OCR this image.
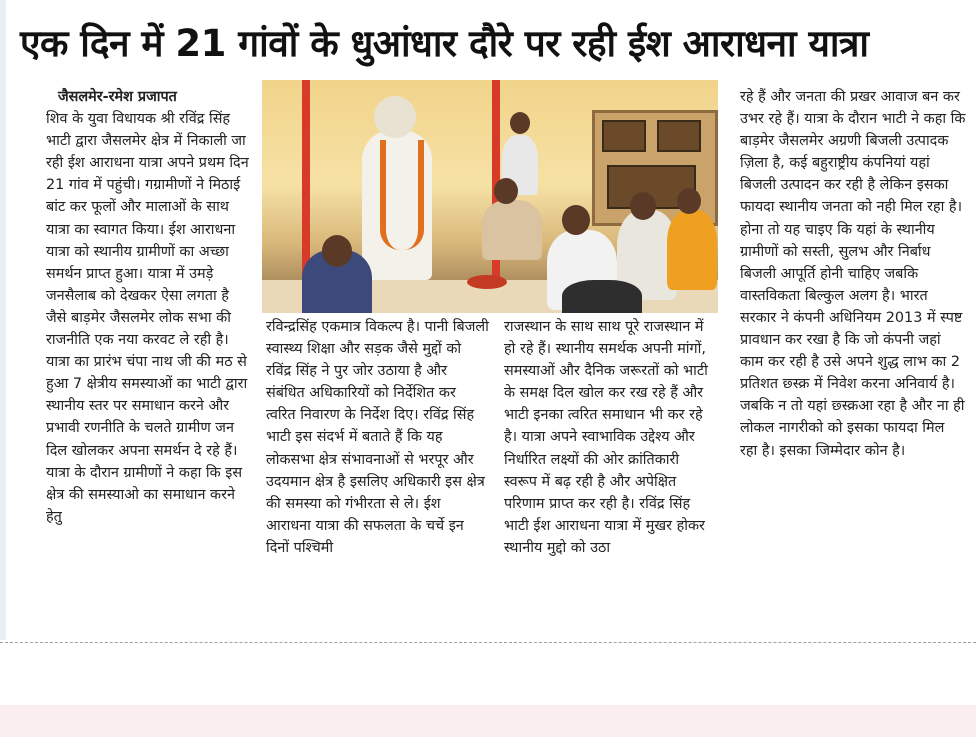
एक दिन में 21 गांवों के धुआंधार दौरे पर रही ईश आराधना यात्रा
जैसलमेर-रमेश प्रजापत

शिव के युवा विधायक श्री रविंद्र सिंह भाटी द्वारा जैसलमेर क्षेत्र में निकाली जा रही ईश आराधना यात्रा अपने प्रथम दिन 21 गांव में पहुंची। गग्रामीणों ने मिठाई बांट कर फूलों और मालाओं के साथ यात्रा का स्वागत किया। ईश आराधना यात्रा को स्थानीय ग्रामीणों का अच्छा समर्थन प्राप्त हुआ। यात्रा में उमड़े जनसैलाब को देखकर ऐसा लगता है जैसे बाड़मेर जैसलमेर लोक सभा की राजनीति एक नया करवट ले रही है। यात्रा का प्रारंभ चंपा नाथ जी की मठ से हुआ 7 क्षेत्रीय समस्याओं का भाटी द्वारा स्थानीय स्तर पर समाधान करने और प्रभावी रणनीति के चलते ग्रामीण जन दिल खोलकर अपना समर्थन दे रहे हैं। यात्रा के दौरान ग्रामीणों ने कहा कि इस क्षेत्र की समस्याओ का समाधान करने हेतु

रविन्द्रसिंह एकमात्र विकल्प है। पानी बिजली स्वास्थ्य शिक्षा और सड़क जैसे मुद्दों को रविंद्र सिंह ने पुर जोर उठाया है और संबंधित अधिकारियों को निर्देशित कर त्वरित निवारण के निर्देश दिए। रविंद्र सिंह भाटी इस संदर्भ में बताते हैं कि यह लोकसभा क्षेत्र संभावनाओं से भरपूर और उदयमान क्षेत्र है इसलिए अधिकारी इस क्षेत्र की समस्या को गंभीरता से ले। ईश आराधना यात्रा की सफलता के चर्चे इन दिनों पश्चिमी

राजस्थान के साथ साथ पूरे राजस्थान में हो रहे हैं। स्थानीय समर्थक अपनी मांगों, समस्याओं और दैनिक जरूरतों को भाटी के समक्ष दिल खोल कर रख रहे हैं और भाटी इनका त्वरित समाधान भी कर रहे है। यात्रा अपने स्वाभाविक उद्देश्य और निर्धारित लक्ष्यों की ओर क्रांतिकारी स्वरूप में बढ़ रही है और अपेक्षित परिणाम प्राप्त कर रही है। रविंद्र सिंह भाटी ईश आराधना यात्रा में मुखर होकर स्थानीय मुद्दो को उठा

रहे हैं और जनता की प्रखर आवाज बन कर उभर रहे हैं। यात्रा के दौरान भाटी ने कहा कि बाड़मेर जैसलमेर अग्रणी बिजली उत्पादक ज़िला है, कई बहुराष्ट्रीय कंपनियां यहां बिजली उत्पादन कर रही है लेकिन इसका फायदा स्थानीय जनता को नही मिल रहा है। होना तो यह चाइए कि यहां के स्थानीय ग्रामीणों को सस्ती, सुलभ और निर्बाध बिजली आपूर्ति होनी चाहिए जबकि वास्तविकता बिल्कुल अलग है। भारत सरकार ने कंपनी अधिनियम 2013 में स्पष्ट प्रावधान कर रखा है कि जो कंपनी जहां काम कर रही है उसे अपने शुद्ध लाभ का 2 प्रतिशत छ्स्क्र में निवेश करना अनिवार्य है। जबकि न तो यहां छ्स्क्रआ रहा है और ना ही लोकल नागरीको को इसका फायदा मिल रहा है। इसका जिम्मेदार कोन है।
